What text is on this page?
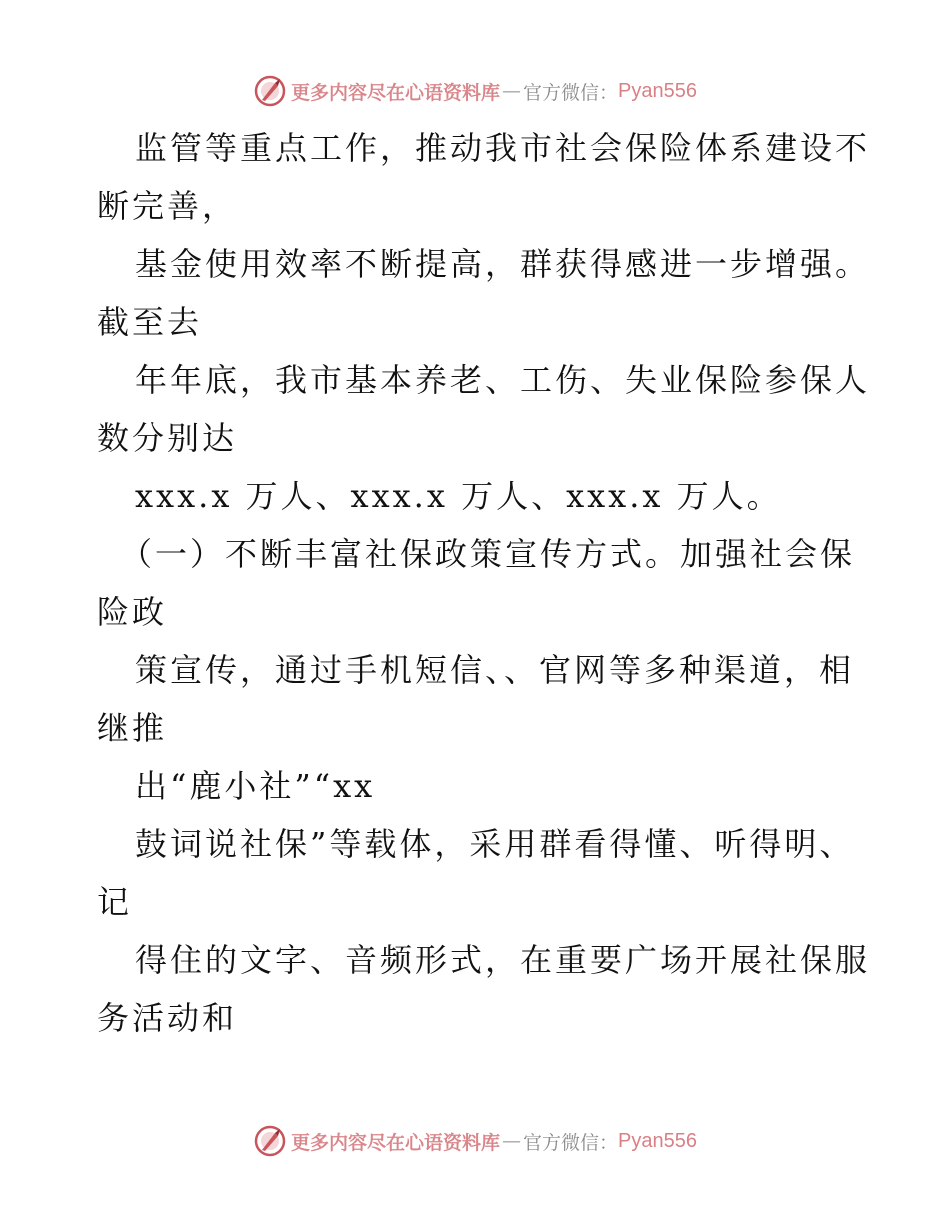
更多内容尽在心语资料库 — 官方微信： Pyan556
监管等重点工作，推动我市社会保险体系建设不
断完善，
基金使用效率不断提高，群获得感进一步增强。
截至去
年年底，我市基本养老、工伤、失业保险参保人
数分别达
xxx.x 万人、xxx.x 万人、xxx.x 万人。
（一）不断丰富社保政策宣传方式。加强社会保
险政
策宣传，通过手机短信、、官网等多种渠道，相
继推
出“鹿小社”“xx
鼓词说社保”等载体，采用群看得懂、听得明、
记
得住的文字、音频形式，在重要广场开展社保服
务活动和
更多内容尽在心语资料库 — 官方微信： Pyan556
